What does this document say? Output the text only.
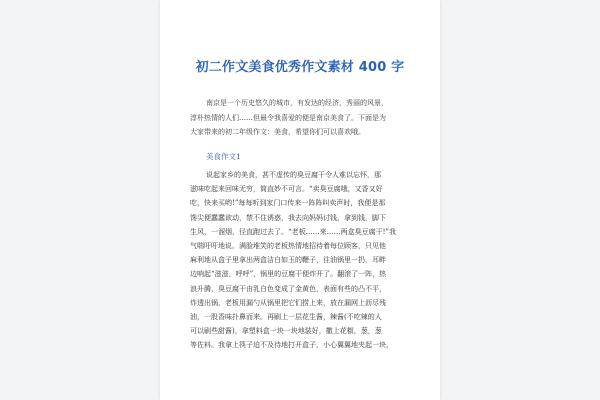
初二作文美食优秀作文素材 400 字

南京是一个历史悠久的城市，有发达的经济，秀丽的风景，

淳朴热情的人们……但最令我喜爱的便是南京美食了。下面是为

大家带来的初二年级作文：美食，希望你们可以喜欢哦。

美食作文1
说起家乡的美食，甚不虚传的臭豆腐干令人难以忘怀，那
滋味吃起来回味无穷，简直妙不可言。“卖臭豆腐哦，又香又好
吃，快来买哟!”每每听到家门口传来一阵阵叫卖声时，我便是那
馋尖便蠢蠢欲动，禁不住诱惑，我去向妈妈讨钱，拿到钱，脚下
生风，一溜烟，径直跑过去了。“老板……来……两盒臭豆腐干!”我
气喘吁吁地说。满脸堆笑的老板热情地招待着每位顾客，只见他
麻利地从盒子里拿出两盒洁白如玉的鞭子，往油锅里一扔，耳畔
边响起“滋滋，呼呼”，锅里的豆腐干便炸开了。翻滚了一阵，热
浪升腾，臭豆腐干由乳白色变成了金黄色，表面有些的凸不平，
炸透出锅，老板用漏勺从锅里把它们捞上来，放在漏网上沥尽残
油，一股香味扑鼻而来。再刷上一层花生酱，辣酱(不吃辣的人
可以刷些甜酱)，拿塑料盒一块一块地装好，撒上花椒，葱，葱
等佐料。我拿上筷子迫不及待地打开盒子，小心翼翼地夹起一块，
